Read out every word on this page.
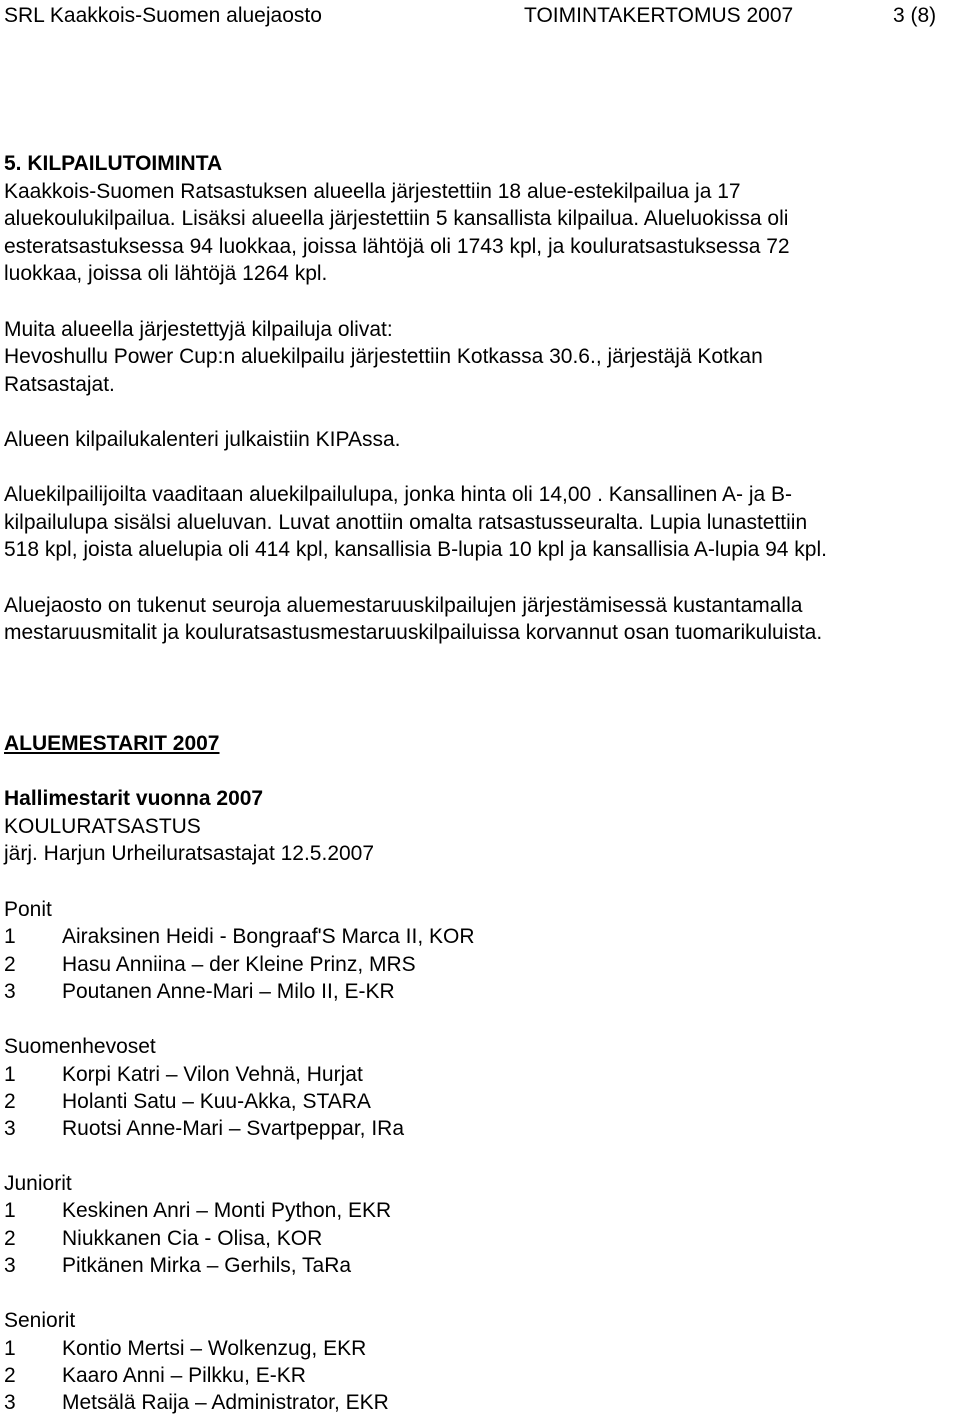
SRL Kaakkois-Suomen aluejaosto	TOIMINTAKERTOMUS 2007	3 (8)
5. KILPAILUTOIMINTA
Kaakkois-Suomen Ratsastuksen alueella järjestettiin 18 alue-estekilpailua ja 17
aluekoulukilpailua. Lisäksi alueella järjestettiin 5 kansallista kilpailua. Alueluokissa oli
esteratsastuksessa 94 luokkaa, joissa lähtöjä oli 1743 kpl, ja kouluratsastuksessa 72
luokkaa, joissa oli lähtöjä 1264 kpl.
Muita alueella järjestettyjä kilpailuja olivat:
Hevoshullu Power Cup:n aluekilpailu järjestettiin Kotkassa 30.6., järjestäjä Kotkan
Ratsastajat.
Alueen kilpailukalenteri julkaistiin KIPAssa.
Aluekilpailijoilta vaaditaan aluekilpailulupa, jonka hinta oli 14,00 . Kansallinen A- ja B-
kilpailulupa sisälsi alueluvan. Luvat anottiin omalta ratsastusseuralta. Lupia lunastettiin
518 kpl, joista aluelupia oli 414 kpl, kansallisia B-lupia 10 kpl ja kansallisia A-lupia 94 kpl.
Aluejaosto on tukenut seuroja aluemestaruuskilpailujen järjestämisessä kustantamalla
mestaruusmitalit ja kouluratsastusmestaruuskilpailuissa korvannut osan tuomarikuluista.
ALUEMESTARIT 2007
Hallimestarit vuonna 2007
KOULURATSASTUS
järj. Harjun Urheiluratsastajat 12.5.2007
Ponit
1 Airaksinen Heidi - Bongraaf'S Marca II, KOR
2 Hasu Anniina – der Kleine Prinz, MRS
3 Poutanen Anne-Mari – Milo II, E-KR
Suomenhevoset
1 Korpi Katri – Vilon Vehnä, Hurjat
2 Holanti Satu – Kuu-Akka, STARA
3 Ruotsi Anne-Mari – Svartpeppar, IRa
Juniorit
1 Keskinen Anri – Monti Python, EKR
2 Niukkanen Cia - Olisa, KOR
3 Pitkänen Mirka – Gerhils, TaRa
Seniorit
1 Kontio Mertsi – Wolkenzug, EKR
2 Kaaro Anni – Pilkku, E-KR
3 Metsälä Raija – Administrator, EKR
